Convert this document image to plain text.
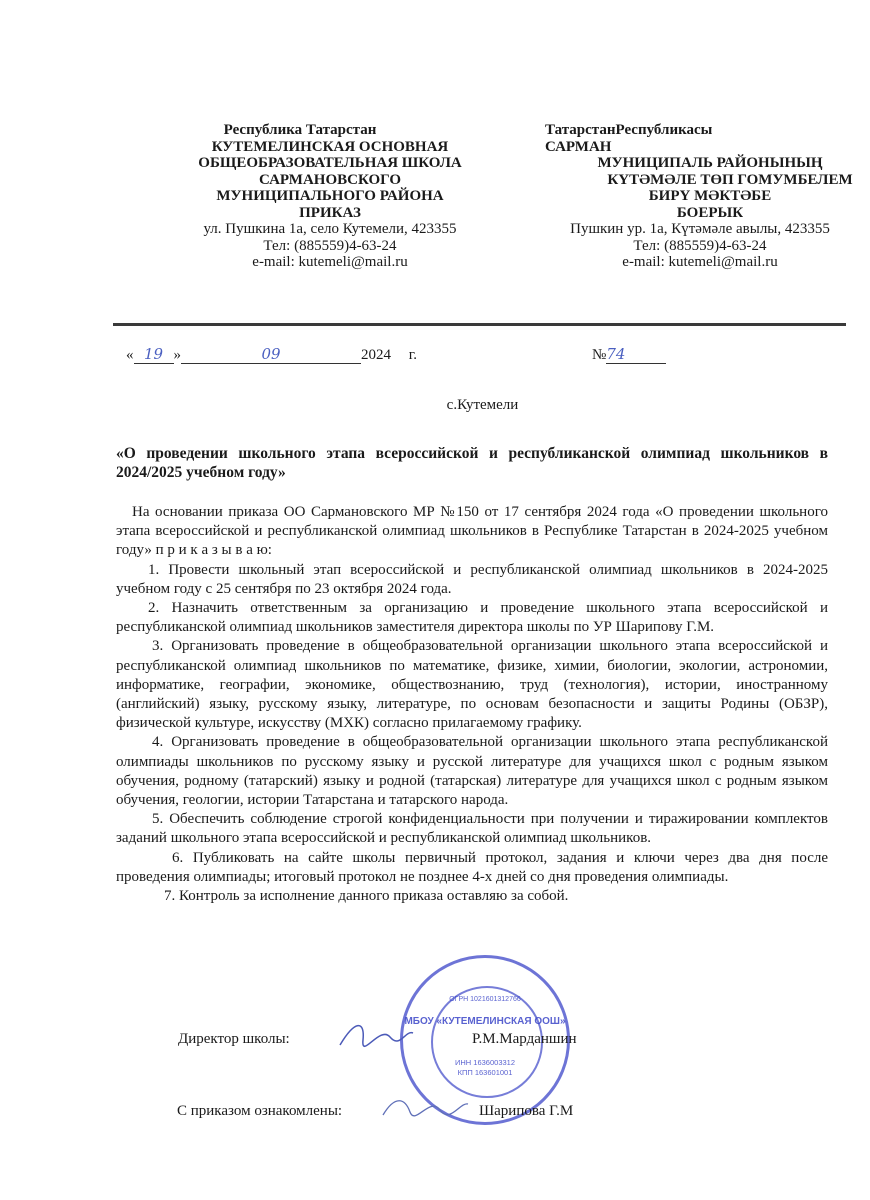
Республика Татарстан
КУТЕМЕЛИНСКАЯ ОСНОВНАЯ
ОБЩЕОБРАЗОВАТЕЛЬНАЯ ШКОЛА
САРМАНОВСКОГО
МУНИЦИПАЛЬНОГО РАЙОНА
ПРИКАЗ
ул. Пушкина 1а, село Кутемели, 423355
Тел: (885559)4-63-24
e-mail: kutemeli@mail.ru
ТатарстанРеспубликасы
САРМАН
МУНИЦИПАЛЬ РАЙОНЫНЫҢ
КҮТӘМӘЛЕ ТӨП ГОМУМБЕЛЕМ
БИРҮ МӘКТӘБЕ
БОЕРЫК
Пушкин ур. 1а, Күтәмәле авылы, 423355
Тел: (885559)4-63-24
e-mail: kutemeli@mail.ru
« 19 »	09	2024 г.	№74
с.Кутемели
«О проведении школьного этапа всероссийской и республиканской олимпиад школьников в 2024/2025 учебном году»

На основании приказа ОО Сармановского МР №150 от 17 сентября 2024 года «О проведении школьного этапа всероссийской и республиканской олимпиад школьников в Республике Татарстан в 2024-2025 учебном году» п р и к а з ы в а ю:

1. Провести школьный этап всероссийской и республиканской олимпиад школьников в 2024-2025 учебном году с 25 сентября по 23 октября 2024 года.

2. Назначить ответственным за организацию и проведение школьного этапа всероссийской и республиканской олимпиад школьников заместителя директора школы по УР Шарипову Г.М.

3. Организовать проведение в общеобразовательной организации школьного этапа всероссийской и республиканской олимпиад школьников по математике, физике, химии, биологии, экологии, астрономии, информатике, географии, экономике, обществознанию, труд (технология), истории, иностранному (английский) языку, русскому языку, литературе, по основам безопасности и защиты Родины (ОБЗР), физической культуре, искусству (МХК) согласно прилагаемому графику.

4. Организовать проведение в общеобразовательной организации школьного этапа республиканской олимпиады школьников по русскому языку и русской литературе для учащихся школ с родным языком обучения, родному (татарский) языку и родной (татарская) литературе для учащихся школ с родным языком обучения, геологии, истории Татарстана и татарского народа.

5. Обеспечить соблюдение строгой конфиденциальности при получении и тиражировании комплектов заданий школьного этапа всероссийской и республиканской олимпиад школьников.

6. Публиковать на сайте школы первичный протокол, задания и ключи через два дня после проведения олимпиады; итоговый протокол не позднее 4-х дней со дня проведения олимпиады.

7. Контроль за исполнение данного приказа оставляю за собой.

ОГРН 1021601312766
МБОУ «КУТЕМЕЛИНСКАЯ ООШ»
ИНН 1636003312
КПП 163601001
Директор школы:	Р.М.Марданшин
С приказом ознакомлены:	Шарипова Г.М
